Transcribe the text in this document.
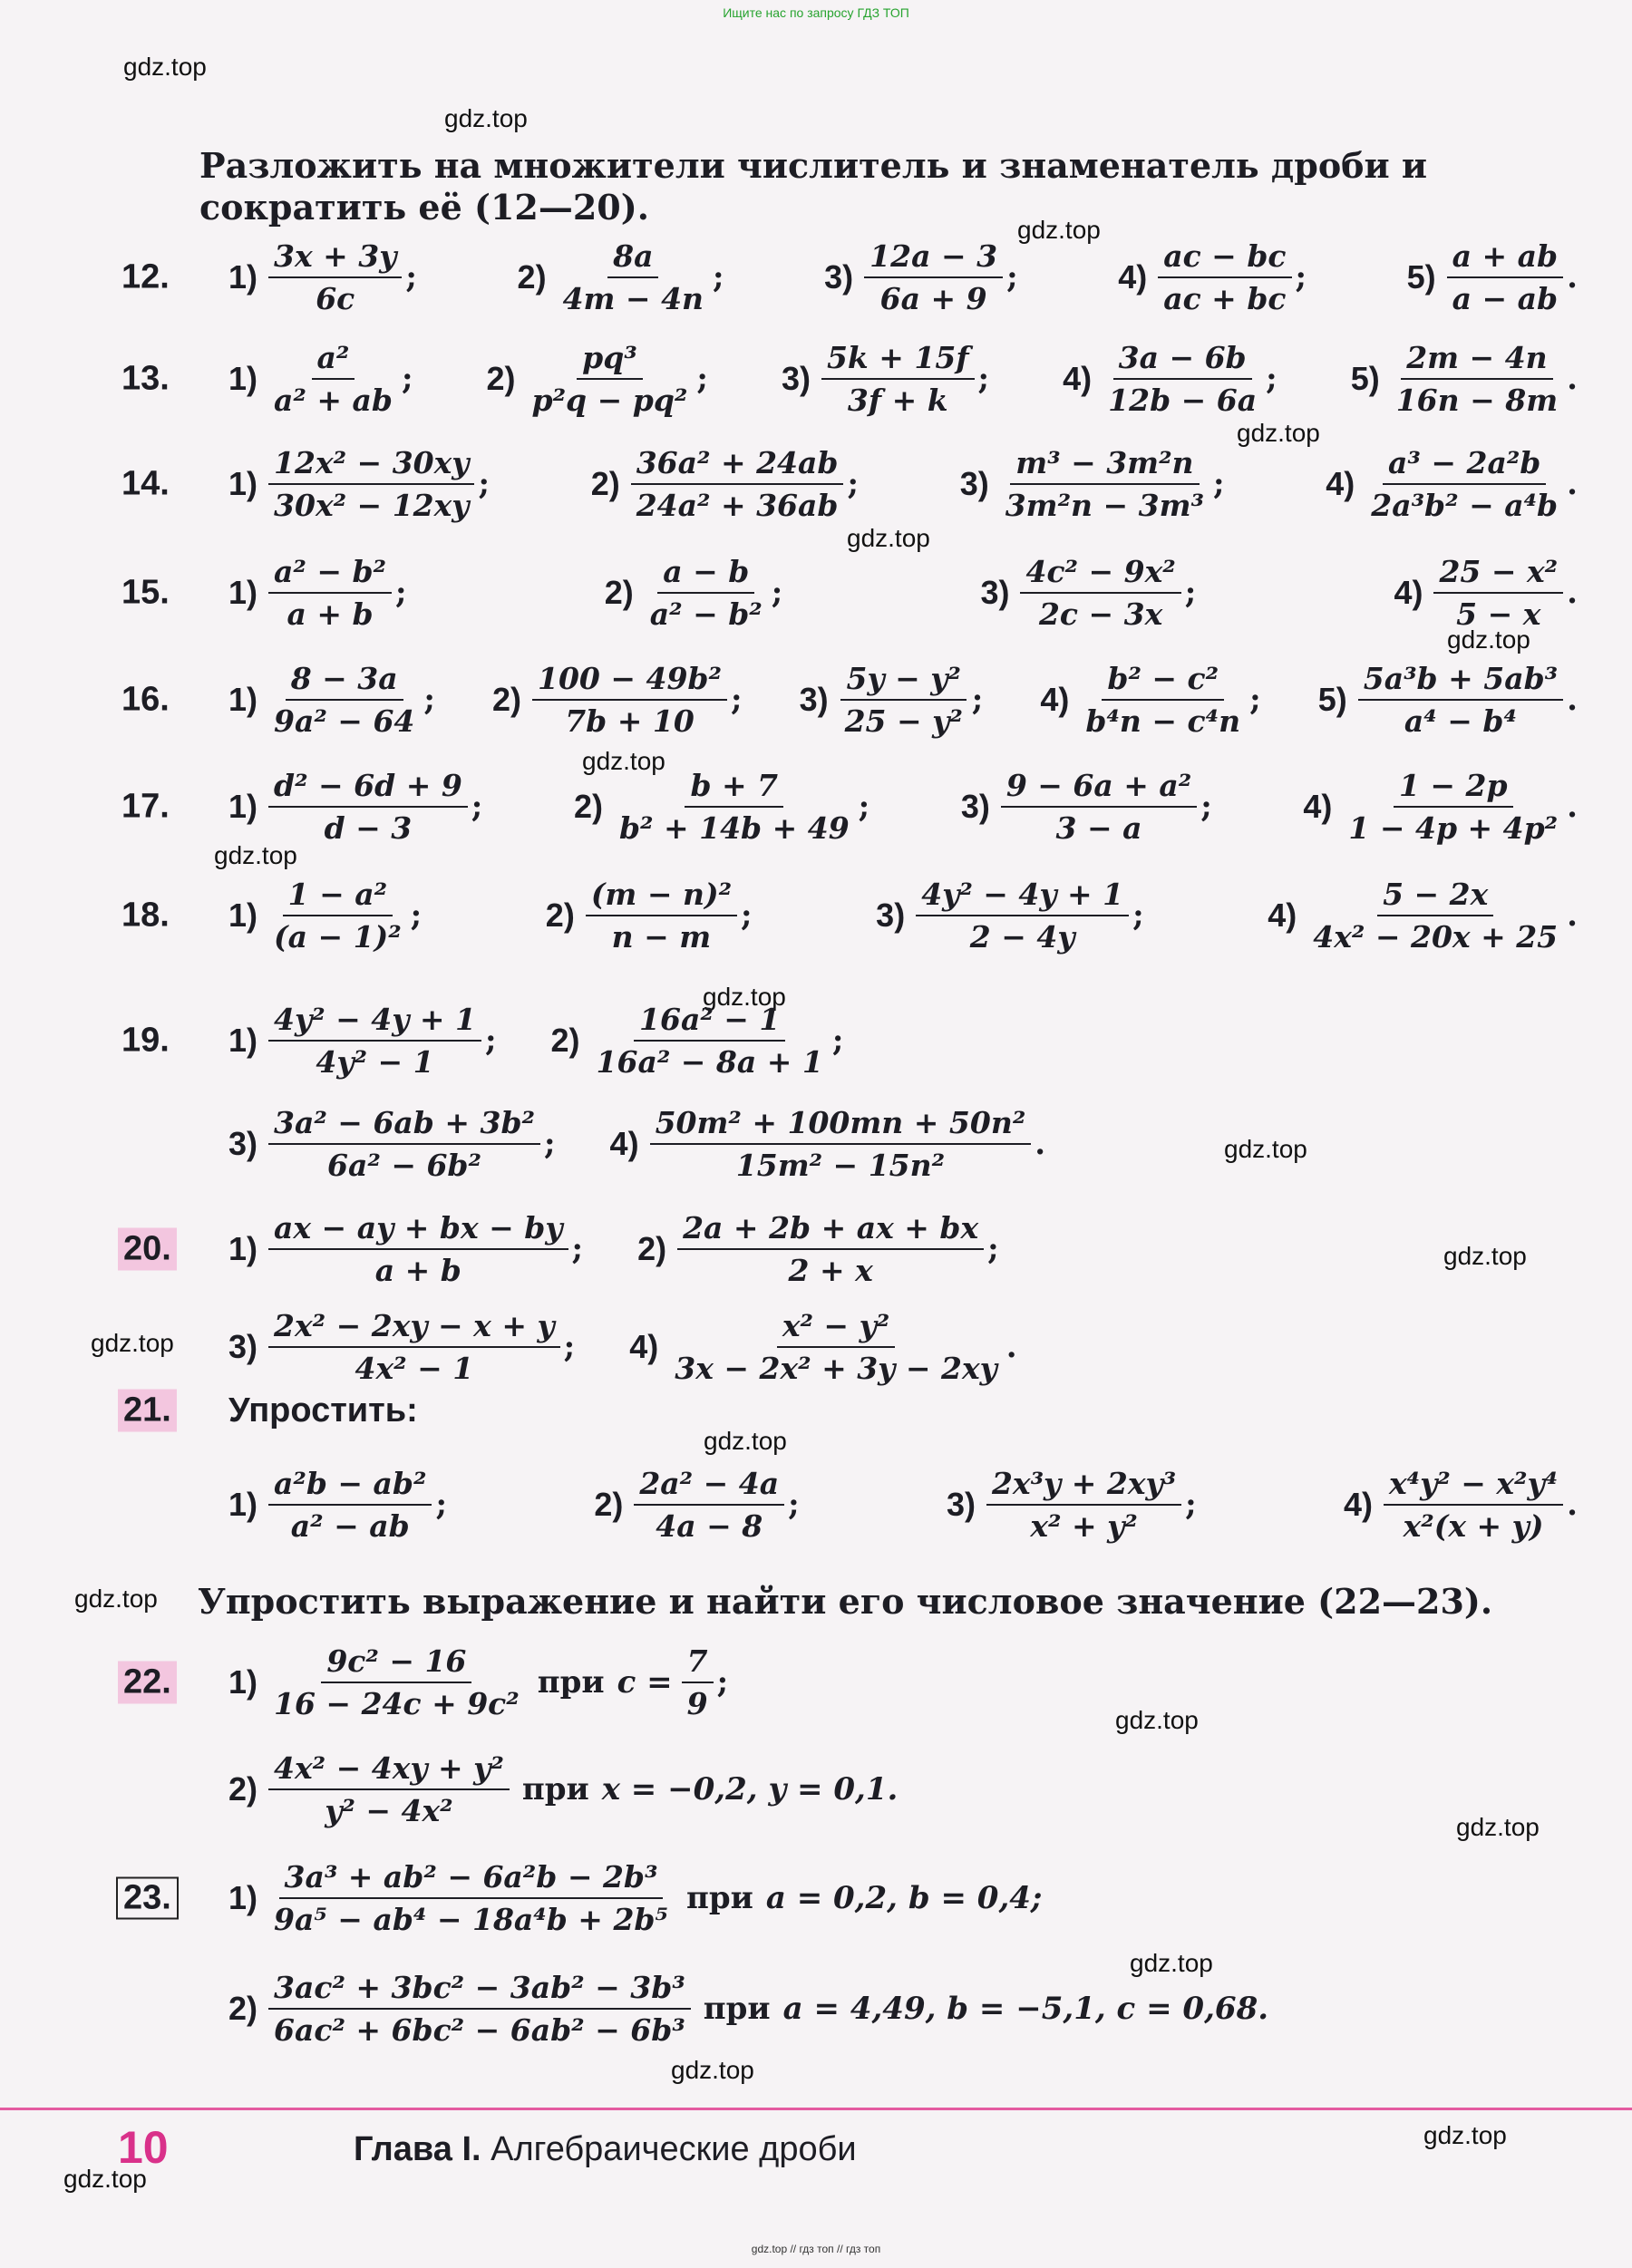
Ищите нас по запросу ГДЗ ТОП
gdz.top
gdz.top
gdz.top
gdz.top
gdz.top
gdz.top
gdz.top
gdz.top
gdz.top
gdz.top
gdz.top
gdz.top
gdz.top
gdz.top
gdz.top
gdz.top
gdz.top
gdz.top
gdz.top
gdz.top
Разложить на множители числитель и знаменатель дроби и сократить её (12—20).
12. $1) \frac{3x + 3y}{6c}$ ;	$2) \frac{8a}{4m - 4n}$ ;	$3) \frac{12a - 3}{6a + 9}$ ;	$4) \frac{ac - bc}{ac + bc}$ ;	$5) \frac{a + ab}{a - ab}$ .
13. $1) \frac{\text{a²}}{\text{a² + ab}}$ ; $2) \frac{\text{pq³}}{\text{p²q − pq²}}$ ; $3) \frac{5k + 15f}{3f + k}$ ; $4) \frac{3a - 6b}{12b - 6a}$ ; $5) \frac{2m - 4n}{16n - 8m}$ .
14. $1) \frac{\text{12x² − 30xy}}{\text{30x² − 12xy}}$ ;	$2) \frac{\text{36a² + 24ab}}{\text{24a² + 36ab}}$ ;	$3) \frac{\text{m³ − 3m²n}}{\text{3m²n − 3m³}}$ ;	$4) \frac{\text{a³ − 2a²b}}{\text{2a³b² − a⁴b}}$ .
15. $1) \frac{\text{a² − b²}}{a + b}$ ;	$2) \frac{a - b}{\text{a² − b²}}$ ;	$3) \frac{\text{4c² − 9x²}}{2c - 3x}$ ;	$4) \frac{\text{25 − x²}}{5 - x}$ .
16. $1) \frac{8 - 3a}{\text{9a² − 64}}$ ; $2) \frac{\text{100 − 49b²}}{7b + 10}$ ; $3) \frac{\text{5y − y²}}{\text{25 − y²}}$ ; $4) \frac{\text{b² − c²}}{\text{b⁴n − c⁴n}}$ ; $5) \frac{\text{5a³b + 5ab³}}{\text{a⁴ − b⁴}}$ .
17. $1) \frac{\text{d² − 6d + 9}}{d - 3}$ ;	$2) \frac{b + 7}{\text{b² + 14b + 49}}$ ;	$3) \frac{\text{9 − 6a + a²}}{3 - a}$ ;	$4) \frac{1 - 2p}{\text{1 − 4p + 4p²}}$ .
18. $1) \frac{\text{1 − a²}}{\text{(a − 1)²}}$ ;	$2) \frac{\text{(m − n)²}}{n - m}$ ;	$3) \frac{\text{4y² − 4y + 1}}{2 - 4y}$ ;	$4) \frac{5 - 2x}{\text{4x² − 20x + 25}}$ .
19. $1) \frac{\text{4y² − 4y + 1}}{\text{4y² − 1}}$ ; $2) \frac{\text{16a² − 1}}{\text{16a² − 8a + 1}}$ ;
$3) \frac{\text{3a² − 6ab + 3b²}}{\text{6a² − 6b²}}$ ; $4) \frac{\text{50m² + 100mn + 50n²}}{\text{15m² − 15n²}}$ .
20. $1) \frac{ax - ay + bx - by}{a + b}$ ; $2) \frac{2a + 2b + ax + bx}{2 + x}$ ;
$3) \frac{\text{2x² − 2xy − x + y}}{\text{4x² − 1}}$ ; $4) \frac{\text{x² − y²}}{\text{3x − 2x² + 3y − 2xy}}$ .
21. Упростить:
$1) \frac{\text{a²b − ab²}}{\text{a² − ab}}$ ;	$2) \frac{\text{2a² − 4a}}{4a - 8}$ ;	$3) \frac{\text{2x³y + 2xy³}}{\text{x² + y²}}$ ;	$4) \frac{\text{x⁴y² − x²y⁴}}{\text{x²(x + y)}}$ .
Упростить выражение и найти его числовое значение (22—23).
22. $1) \frac{\text{9c² − 16}}{\text{16 − 24c + 9c²}}$ при $c = \frac{7}{9}$ ;
$2) \frac{\text{4x² − 4xy + y²}}{\text{y² − 4x²}}$ при x = −0,2, y = 0,1.
23. $1) \frac{\text{3a³ + ab² − 6a²b − 2b³}}{\text{9a⁵ − ab⁴ − 18a⁴b + 2b⁵}}$ при a = 0,2, b = 0,4;
$2) \frac{\text{3ac² + 3bc² − 3ab² − 3b³}}{\text{6ac² + 6bc² − 6ab² − 6b³}}$ при a = 4,49, b = −5,1, c = 0,68.
10	Глава I. Алгебраические дроби
gdz.top // гдз топ // гдз топ
